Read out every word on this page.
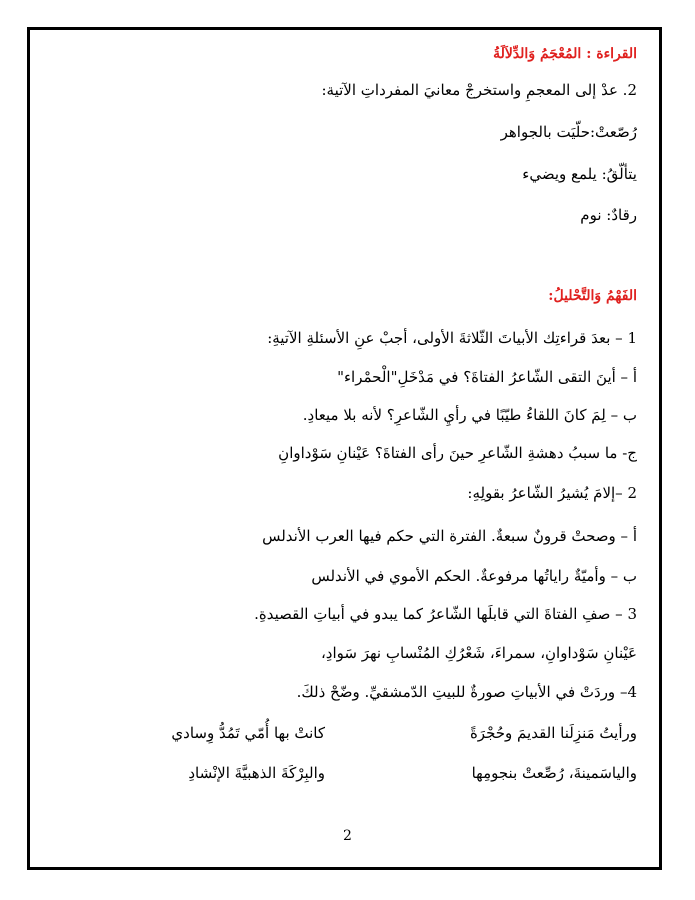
القراءة : المُعْجَمُ وَالدِّلاَلَةُ
2. عدْ إلى المعجمِ واستخرجْ معانيَ المفرداتِ الآتية:
رُصّعتْ:حلّيَت بالجواهر
يتألّقُ: يلمع ويضيء
رقادٌ: نوم
الفَهْمُ وَالتَّحْليلُ:
1 – بعدَ قراءتِك الأبياتَ الثّلاثةَ الأولى، أجبْ عنِ الأسئلةِ الآتيةِ:
أ – أينَ التقى الشّاعرُ الفتاةَ؟ في مَدْخَلِ"الْحمْراء"
ب – لِمَ كانَ اللقاءُ طيّبًا في رأيِ الشّاعرِ؟ لأنه بلا ميعادِ.
ج- ما سببُ دهشةِ الشّاعرِ حينَ رأى الفتاةَ؟ عَيْنانِ سَوْداوانِ
2 –إلامَ يُشيرُ الشّاعرُ بقولِهِ:
أ – وصحتْ قرونٌ سبعةٌ. الفترة التي حكم فيها العرب الأندلس
ب – وأميّةٌ راياتُها مرفوعةٌ. الحكم الأموي في الأندلس
3 – صفِ الفتاةَ التي قابلَها الشّاعرُ كما يبدو في أبياتِ القصيدةِ.
عَيْنانِ سَوْداوانِ، سمراءَ، شَعْرُكِ المُنْسابِ نهرَ سَوادِ،
4– وردَتْ في الأبياتِ صورةٌ للبيتِ الدّمشقيِّ. وضّحْ ذلكَ.
ورأيتُ مَنزِلَنا القديمَ وحُجْرَةً
كانتْ بها أُمّي تَمُدُّ وِسادي
والياسَمينةَ، رُصِّعتْ بنجومِها
والبِرْكَةَ الذهبيَّةَ الإنْشادِ
2
